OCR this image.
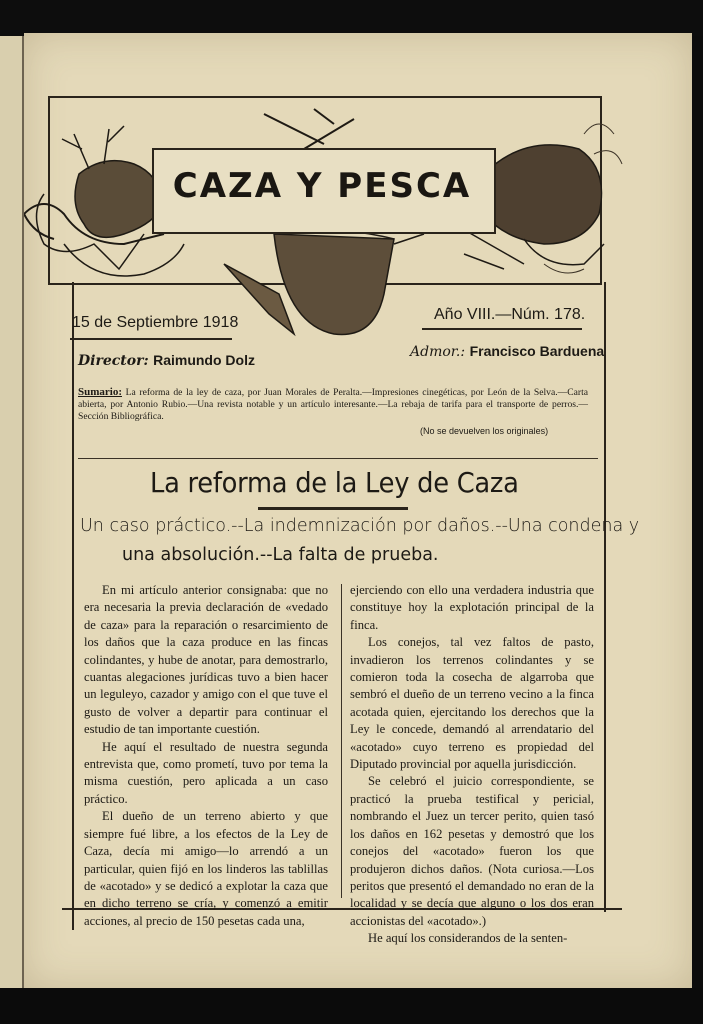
CAZA Y PESCA
15 de Septiembre 1918	Año VIII.—Núm. 178.
Director: Raimundo Dolz	Admor.: Francisco Barduena
Sumario: La reforma de la ley de caza, por Juan Morales de Peralta.—Impresiones cinegéticas, por León de la Selva.—Carta abierta, por Antonio Rubio.—Una revista notable y un artículo interesante.—La rebaja de tarifa para el transporte de perros.—Sección Bibliográfica.
(No se devuelven los originales)
La reforma de la Ley de Caza
Un caso práctico.--La indemnización por daños.--Una condena y
una absolución.--La falta de prueba.

En mi artículo anterior consignaba: que no era necesaria la previa declaración de «vedado de caza» para la reparación o resarcimiento de los daños que la caza produce en las fincas colindantes, y hube de anotar, para demostrarlo, cuantas alegaciones jurídicas tuvo a bien hacer un leguleyo, cazador y amigo con el que tuve el gusto de volver a departir para continuar el estudio de tan importante cuestión.

He aquí el resultado de nuestra segunda entrevista que, como prometí, tuvo por tema la misma cuestión, pero aplicada a un caso práctico.

El dueño de un terreno abierto y que siempre fué libre, a los efectos de la Ley de Caza, decía mi amigo—lo arrendó a un particular, quien fijó en los linderos las tablillas de «acotado» y se dedicó a explotar la caza que en dicho terreno se cría, y comenzó a emitir acciones, al precio de 150 pesetas cada una,

ejerciendo con ello una verdadera industria que constituye hoy la explotación principal de la finca.

Los conejos, tal vez faltos de pasto, invadieron los terrenos colindantes y se comieron toda la cosecha de algarroba que sembró el dueño de un terreno vecino a la finca acotada quien, ejercitando los derechos que la Ley le concede, demandó al arrendatario del «acotado» cuyo terreno es propiedad del Diputado provincial por aquella jurisdicción.

Se celebró el juicio correspondiente, se practicó la prueba testifical y pericial, nombrando el Juez un tercer perito, quien tasó los daños en 162 pesetas y demostró que los conejos del «acotado» fueron los que produjeron dichos daños. (Nota curiosa.—Los peritos que presentó el demandado no eran de la localidad y se decía que alguno o los dos eran accionistas del «acotado».)

He aquí los considerandos de la senten-
